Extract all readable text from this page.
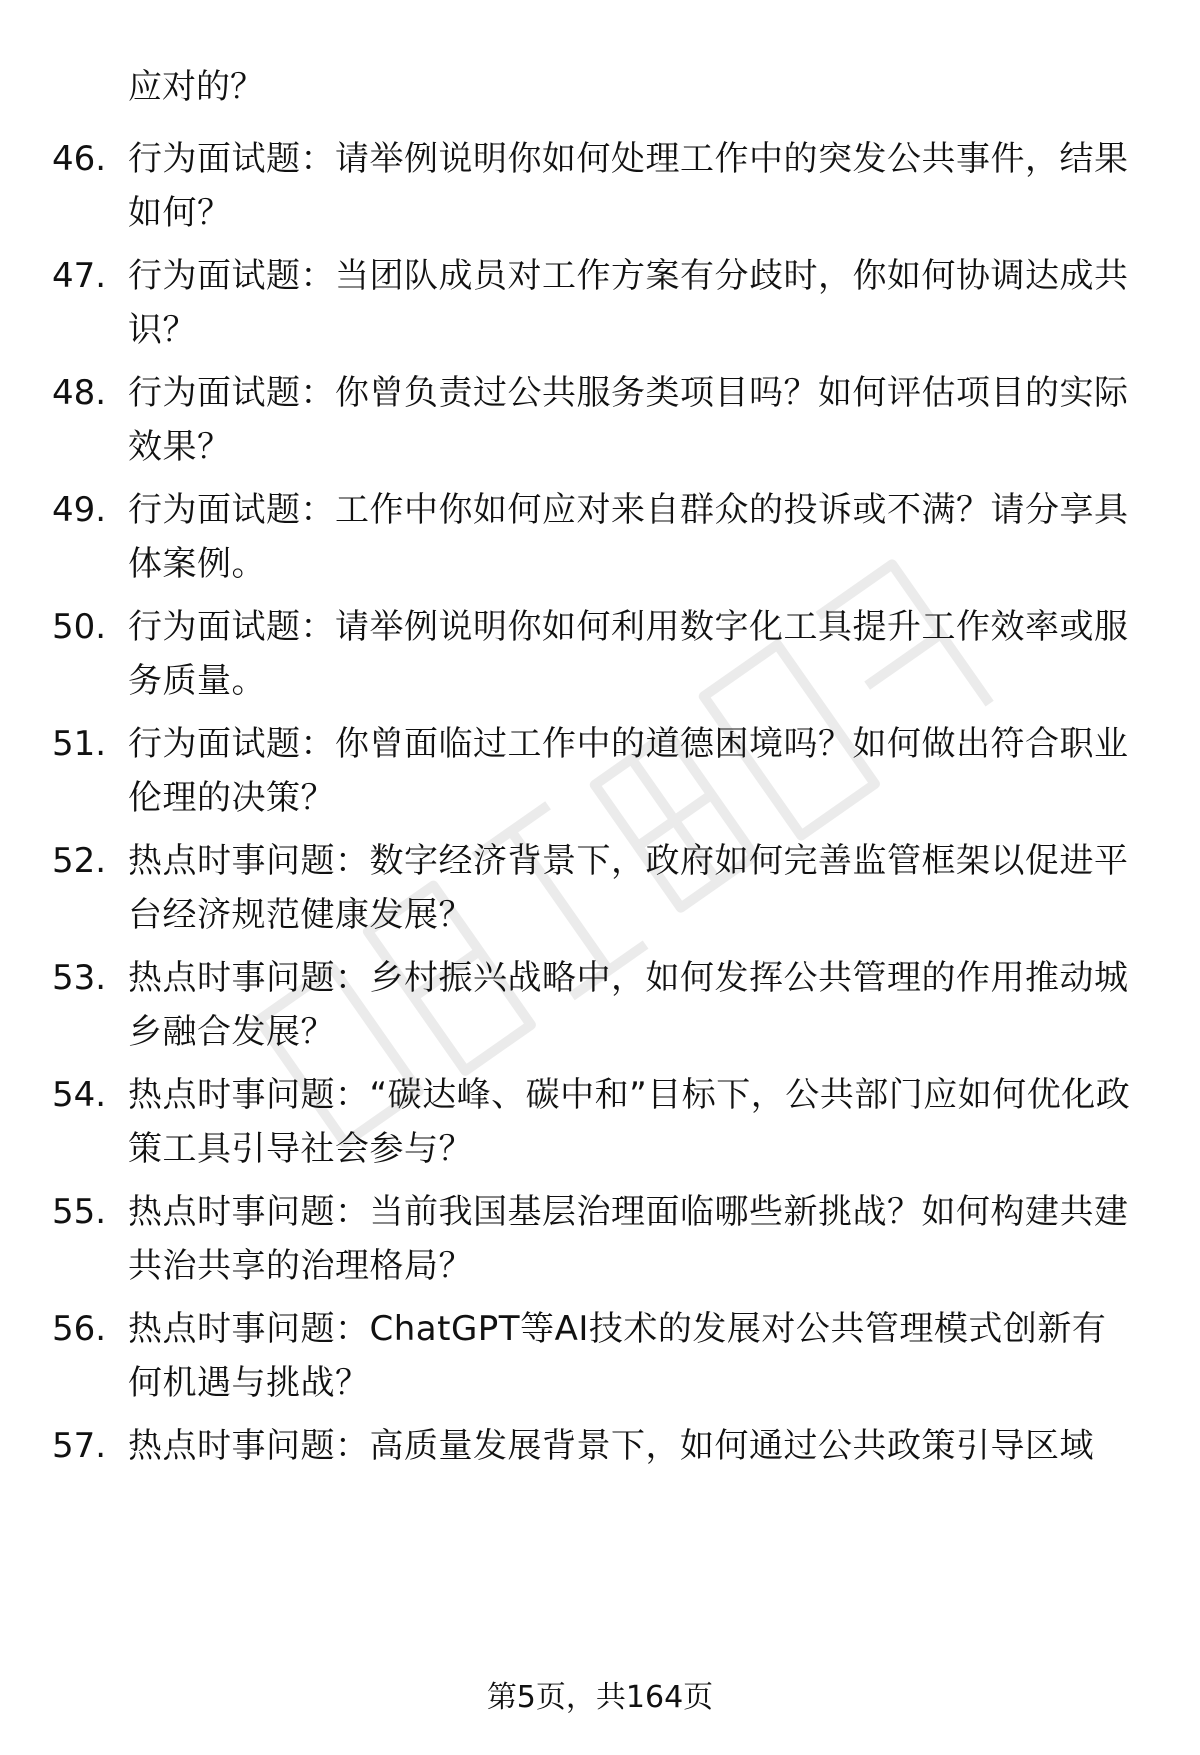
应对的？
46. 行为面试题：请举例说明你如何处理工作中的突发公共事件，结果如何？
47. 行为面试题：当团队成员对工作方案有分歧时，你如何协调达成共识？
48. 行为面试题：你曾负责过公共服务类项目吗？如何评估项目的实际效果？
49. 行为面试题：工作中你如何应对来自群众的投诉或不满？请分享具体案例。
50. 行为面试题：请举例说明你如何利用数字化工具提升工作效率或服务质量。
51. 行为面试题：你曾面临过工作中的道德困境吗？如何做出符合职业伦理的决策？
52. 热点时事问题：数字经济背景下，政府如何完善监管框架以促进平台经济规范健康发展？
53. 热点时事问题：乡村振兴战略中，如何发挥公共管理的作用推动城乡融合发展？
54. 热点时事问题：“碳达峰、碳中和”目标下，公共部门应如何优化政策工具引导社会参与？
55. 热点时事问题：当前我国基层治理面临哪些新挑战？如何构建共建共治共享的治理格局？
56. 热点时事问题：ChatGPT等AI技术的发展对公共管理模式创新有何机遇与挑战？
57. 热点时事问题：高质量发展背景下，如何通过公共政策引导区域
第5页，共164页
